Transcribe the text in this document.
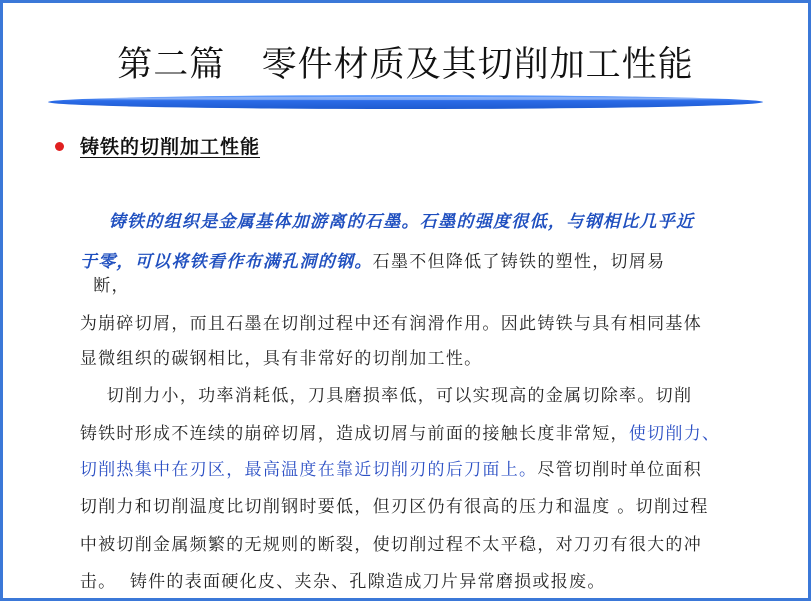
第二篇   零件材质及其切削加工性能
铸铁的切削加工性能

铸铁的组织是金属基体加游离的石墨。石墨的强度很低，与钢相比几乎近

于零，可以将铁看作布满孔洞的钢。石墨不但降低了铸铁的塑性，切屑易

断，

为崩碎切屑，而且石墨在切削过程中还有润滑作用。因此铸铁与具有相同基体

显微组织的碳钢相比，具有非常好的切削加工性。

切削力小，功率消耗低，刀具磨损率低，可以实现高的金属切除率。切削

铸铁时形成不连续的崩碎切屑，造成切屑与前面的接触长度非常短，使切削力、

切削热集中在刃区，最高温度在靠近切削刃的后刀面上。尽管切削时单位面积

切削力和切削温度比切削钢时要低，但刃区仍有很高的压力和温度 。切削过程

中被切削金属频繁的无规则的断裂，使切削过程不太平稳，对刀刃有很大的冲

击。  铸件的表面硬化皮、夹杂、孔隙造成刀片异常磨损或报废。
